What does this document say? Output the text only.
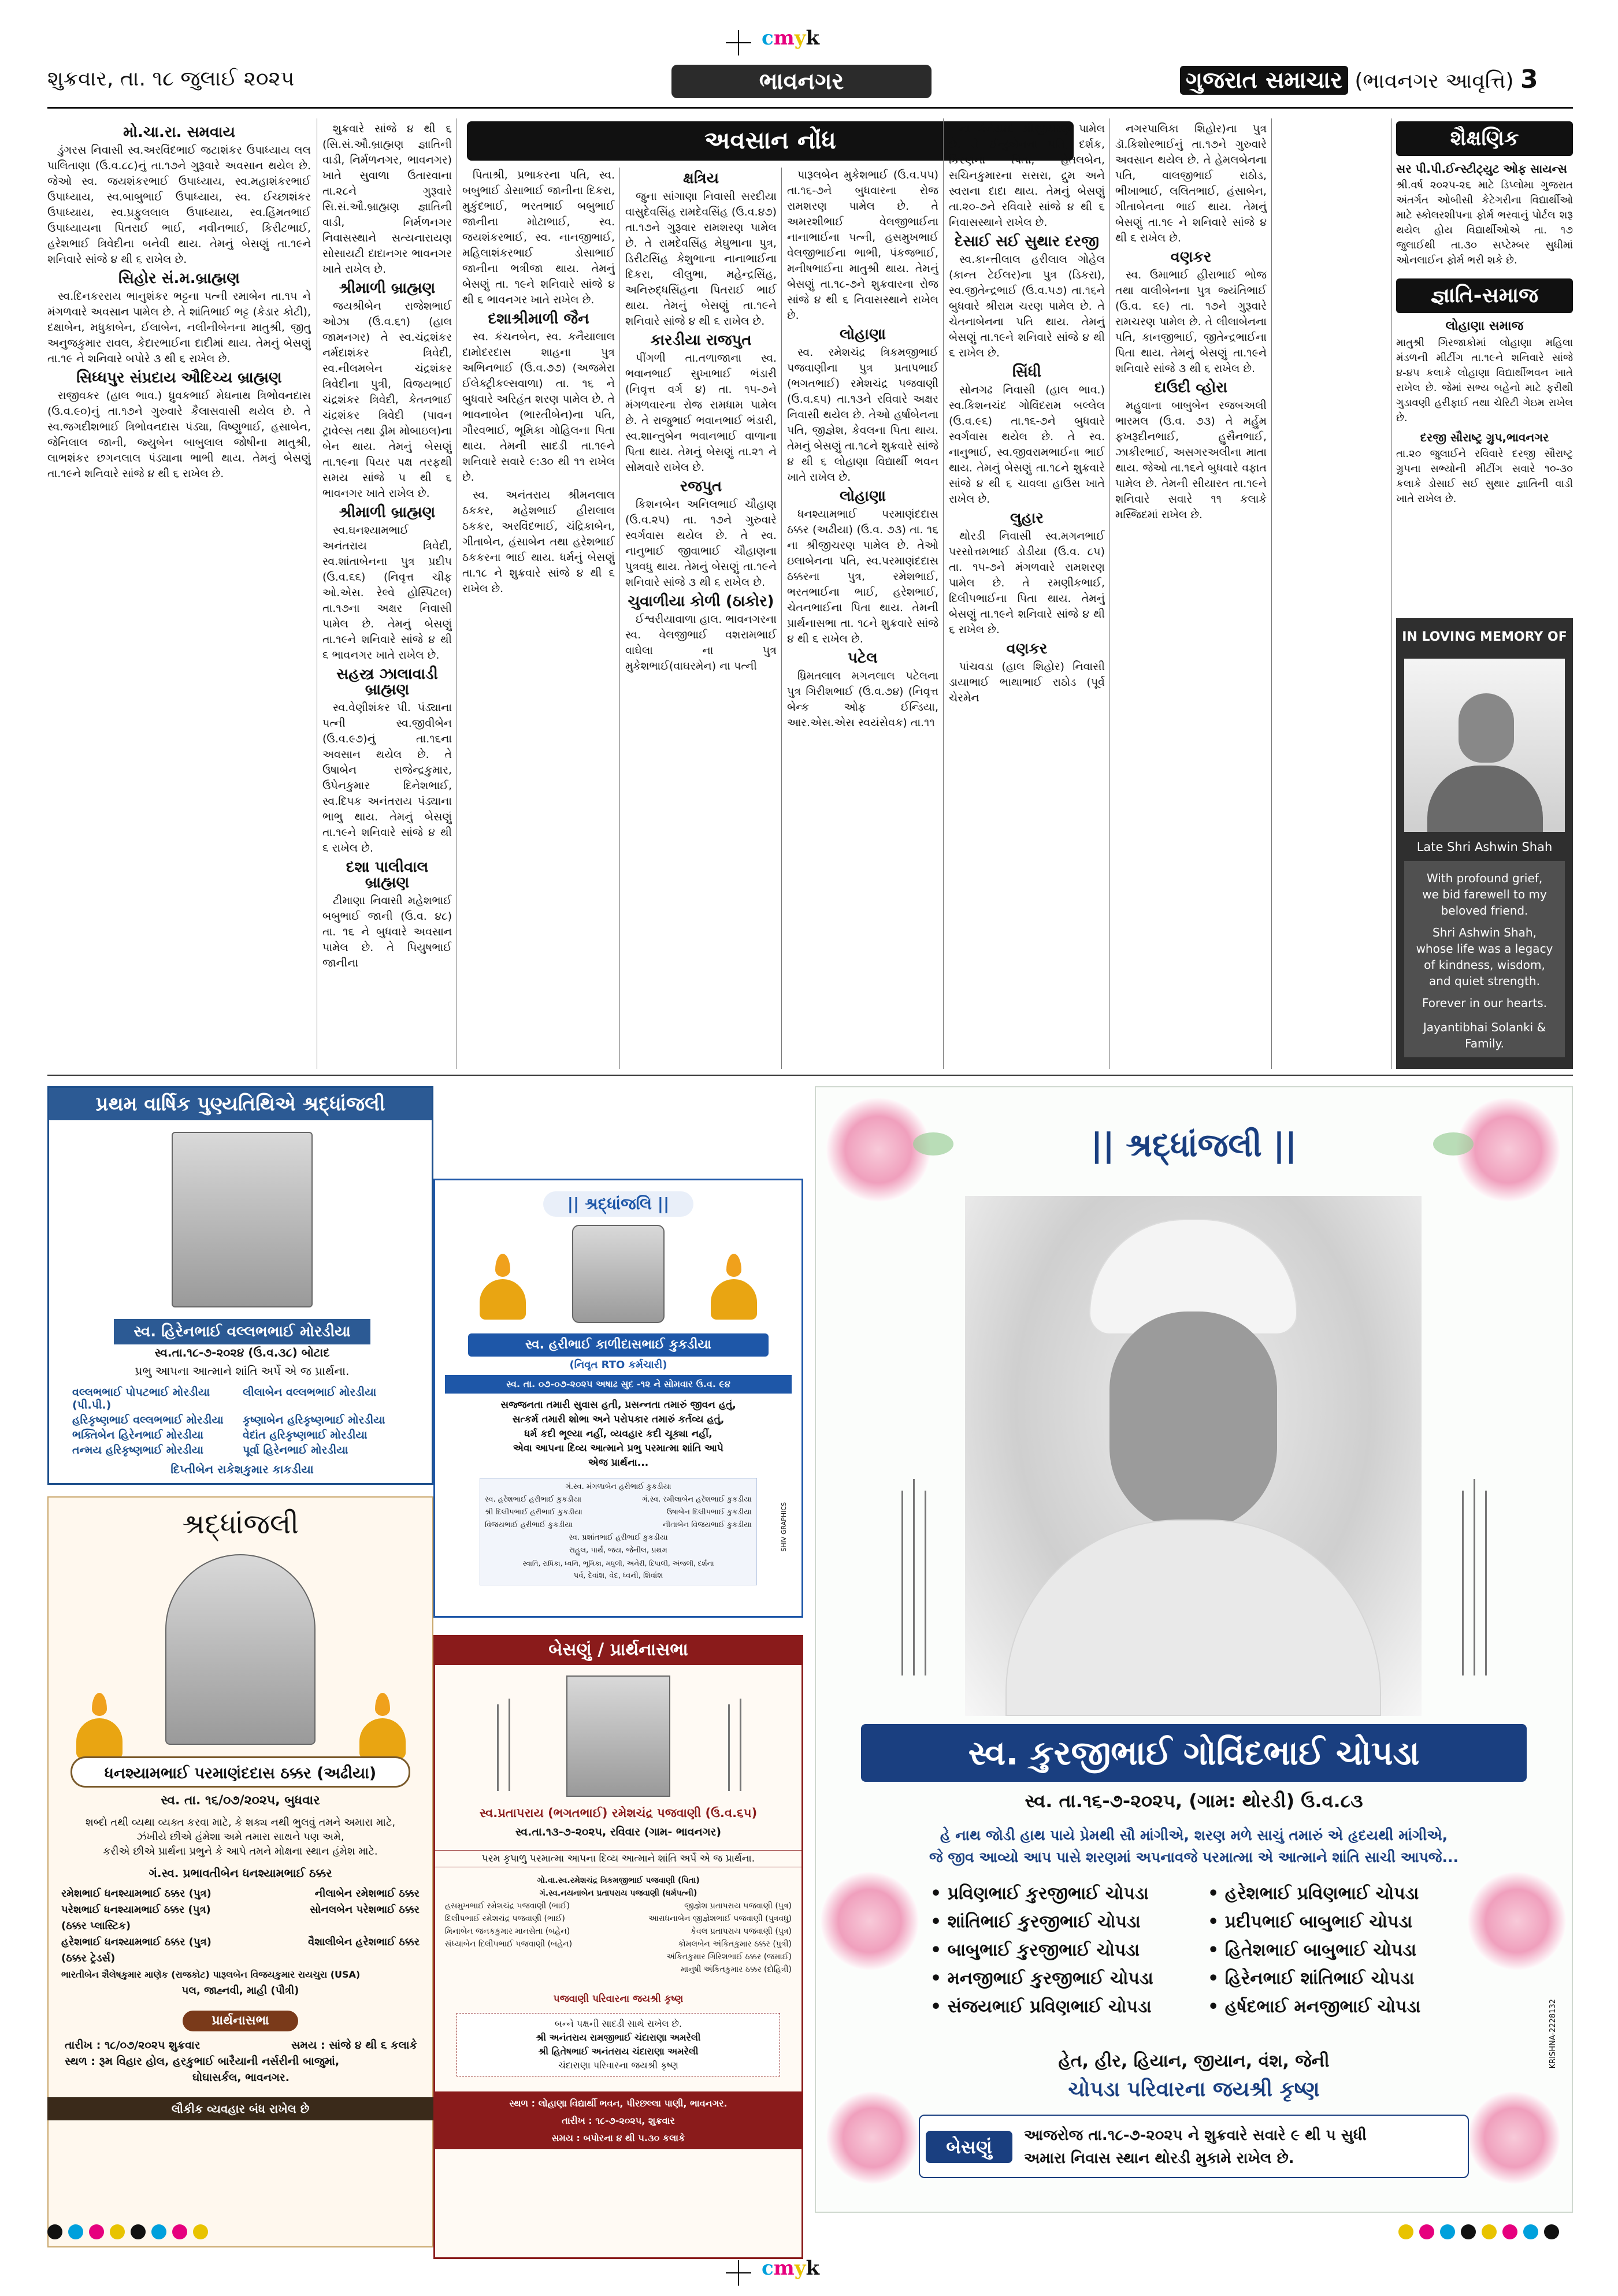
cmyk
શુક્રવાર, તા. ૧૮ જુલાઈ ૨૦૨૫	ભાવનગર	ગુજરાત સમાચાર (ભાવનગર આવૃત્તિ) 3
અવસાન નોંધ
મો.ચા.રા. સમવાય

ડુંગરસ નિવાસી સ્વ.અરવિંદભાઈ જટાશંકર ઉપાધ્યાય લલ પાલિતાણા (ઉ.વ.૮૮)નું તા.૧૭ને ગુરૂવારે અવસાન થયેલ છે. જેઓ સ્વ. જયશંકરભાઈ ઉપાધ્યાય, સ્વ.મહાશંકરભાઈ ઉપાધ્યાય, સ્વ.બાબુભાઈ ઉપાધ્યાય, સ્વ. ઈચ્છાશંકર ઉપાધ્યાય, સ્વ.પ્રફુલલાલ ઉપાધ્યાય, સ્વ.હિંમતભાઈ ઉપાધ્યાયના પિતરાઈ ભાઈ, નવીનભાઈ, કિરીટભાઈ, હરેશભાઈ ત્રિવેદીના બનેવી થાય. તેમનું બેસણું તા.૧૯ને શનિવારે સાંજે ૪ થી ૬ રાખેલ છે.

સિહોર સં.મ.બ્રાહ્મણ

સ્વ.દિનકરરાય ભાનુશંકર ભટ્ટના પત્ની રમાબેન તા.૧૫ ને મંગળવારે અવસાન પામેલ છે. તે શાંતિભાઈ ભટ્ટ (કેડાર કોટી), દક્ષાબેન, મધુકાબેન, ઈલાબેન, નલીનીબેનના માતુશ્રી, જીતુ અનુજકુમાર રાવલ, કેદારભાઈના દાદીમાં થાય. તેમનું બેસણું તા.૧૯ ને શનિવારે બપોરે ૩ થી ૬ રાખેલ છે.

સિધ્ધપુર સંપ્રદાય ઔદિચ્ય બ્રાહ્મણ

રાજીવકર (હાલ ભાવ.) ધ્રુવકભાઈ મેઘનાથ ત્રિભોવનદાસ (ઉ.વ.૯૦)નું તા.૧૭ને ગુરુવારે કૈલાસવાસી થયેલ છે. તે સ્વ.જગદીશભાઈ ત્રિભોવનદાસ પંડ્યા, વિષ્ણુભાઈ, હસાબેન, જેનિલાલ જાની, જ્યુબેન બાબુલાલ જોષીના માતુશ્રી, લાભશંકર છગનલાલ પંડ્યાના ભાભી થાય. તેમનું બેસણું તા.૧૯ને શનિવારે સાંજે ૪ થી ૬ રાખેલ છે.

શુક્રવારે સાંજે ૪ થી ૬ (સિ.સં.ઔ.બ્રાહ્મણ જ્ઞાતિની વાડી, નિર્મળનગર, ભાવનગર) ખાતે સુવાળા ઉતારવાના તા.૨૮ને ગુરૂવારે સિ.સં.ઔ.બ્રાહ્મણ જ્ઞાતિની વાડી, નિર્મળનગર નિવાસસ્થાને સત્યનારાયણ સોસાયટી દાદાનગર ભાવનગર ખાતે રાખેલ છે.

શ્રીમાળી બ્રાહ્મણ

જયશ્રીબેન રાજેશભાઈ ઓઝા (ઉ.વ.૬૧) (હાલ જામનગર) તે સ્વ.ચંદ્રશંકર નર્મદાશંકર ત્રિવેદી, સ્વ.નીલમબેન ચંદ્રશંકર ત્રિવેદીના પુત્રી, વિજયભાઈ ચંદ્રશંકર ત્રિવેદી, કેતનભાઈ ચંદ્રશંકર ત્રિવેદી (પાવન ટ્રાવેલ્સ તથા ડ્રીમ મોબાઇલ)ના બેન થાય. તેમનું બેસણું તા.૧૯ના પિયર પક્ષ તરફથી સમય સાંજે ૫ થી ૬ ભાવનગર ખાતે રાખેલ છે.

શ્રીમાળી બ્રાહ્મણ

સ્વ.ઘનશ્યામભાઈ અનંતરાય ત્રિવેદી, સ્વ.શાંતાબેનના પુત્ર પ્રદીપ (ઉ.વ.૬૬) (નિવૃત્ત ચીફ ઓ.એસ. રેલ્વે હોસ્પિટલ) તા.૧૭ના અક્ષર નિવાસી પામેલ છે. તેમનું બેસણું તા.૧૯ને શનિવારે સાંજે ૪ થી ૬ ભાવનગર ખાતે રાખેલ છે.

સહસ્ત્ર ઝાલાવાડી બ્રાહ્મણ

સ્વ.વેણીશંકર પી. પંડ્યાના પત્ની સ્વ.જીવીબેન (ઉ.વ.૯૭)નું તા.૧૬ના અવસાન થયેલ છે. તે ઉષાબેન રાજેન્દ્રકુમાર, ઉપેનકુમાર દિનેશભાઈ, સ્વ.દિપક અનંતરાય પંડ્યાના ભાભુ થાય. તેમનું બેસણું તા.૧૯ને શનિવારે સાંજે ૪ થી ૬ રાખેલ છે.

દશા પાલીવાલ બ્રાહ્મણ

ટીમાણા નિવાસી મહેશભાઈ બબુભાઈ જાની (ઉ.વ. ૪૮) તા. ૧૬ ને બુધવારે અવસાન પામેલ છે. તે પિયુષભાઈ જાનીના

પિતાશ્રી, પ્રભાકરના પતિ, સ્વ. બબુભાઈ ડોસાભાઈ જાનીના દિકરા, મુકુંદભાઈ, ભરતભાઈ બબુભાઈ જાનીના મોટાભાઈ, સ્વ. જયશંકરભાઈ, સ્વ. નાનજીભાઈ, મહિલાશંકરભાઈ ડોસાભાઈ જાનીના ભત્રીજા થાય. તેમનું બેસણું તા. ૧૯ને શનિવારે સાંજે ૪ થી ૬ ભાવનગર ખાતે રાખેલ છે.

દશાશ્રીમાળી જૈન

સ્વ. કંચનબેન, સ્વ. કનૈયાલાલ દામોદરદાસ શાહના પુત્ર અભિનભાઈ (ઉ.વ.૭૭) (અજમેરા ઈલેક્ટ્રીકલ્સવાળા) તા. ૧૬ ને બુધવારે અરિહંત શરણ પામેલ છે. તે ભાવનાબેન (ભારતીબેન)ના પતિ, ગૌરવભાઈ, ભૂમિકા ગોહિલના પિતા થાય. તેમની સાદડી તા.૧૯ને શનિવારે સવારે ૯:૩૦ થી ૧૧ રાખેલ છે.

સ્વ. અનંતરાય શ્રીમનલાલ ઠકકર, મહેશભાઈ હીરાલાલ ઠકકર, અરવિંદભાઈ, ચંદ્રિકાબેન, ગીતાબેન, હંસાબેન તથા હરેશભાઈ ઠકકરના ભાઈ થાય. ધર્મનું બેસણું તા.૧૮ ને શુક્રવારે સાંજે ૪ થી ૬ રાખેલ છે.

ક્ષત્રિય

જુના સાંગાણા નિવાસી સરદીયા વાસુદેવસિંહ રામદેવસિંહ (ઉ.વ.૪૭) તા.૧૭ને ગુરૂવાર રામશરણ પામેલ છે. તે રામદેવસિંહ મેઘુભાના પુત્ર, ડિરીટસિંહ કેશુભાના નાનાભાઈના દિકરા, લીલુભા, મહેન્દ્રસિંહ, અનિરુદ્ધસિંહના પિતરાઈ ભાઈ થાય. તેમનું બેસણું તા.૧૯ને શનિવારે સાંજે ૪ થી ૬ રાખેલ છે.

કારડીયા રાજપુત

પીંગળી તા.તળાજાના સ્વ. ભવાનભાઈ સુખાભાઈ ભંડારી (નિવૃત્ત વર્ગ ૪) તા. ૧૫-૭ને મંગળવારના રોજ રામધામ પામેલ છે. તે રાજુભાઈ ભવાનભાઈ ભંડારી, સ્વ.શાન્તુબેન ભવાનભાઈ વાળાના પિતા થાય. તેમનું બેસણું તા.૨૧ ને સોમવારે રાખેલ છે.

રજપુત

કિશનબેન અનિલભાઈ ચૌહાણ (ઉ.વ.૨૫) તા. ૧૭ને ગુરુવારે સ્વર્ગવાસ થયેલ છે. તે સ્વ. નાનુભાઈ જીવાભાઈ ચૌહાણના પુત્રવધુ થાય. તેમનું બેસણું તા.૧૯ને શનિવારે સાંજે ૩ થી ૬ રાખેલ છે.

ચુવાળીયા કોળી (ઠાકોર)

ઈશ્વરીયાવાળા હાલ. ભાવનગરના સ્વ. વેલજીભાઈ વશરામભાઈ વાઘેલા ના પુત્ર મુકેશભાઈ(વાઘરમેન) ના પત્ની

પારૂલબેન મુકેશભાઈ (ઉ.વ.૫૫) તા.૧૬-૭ને બુધવારના રોજ રામશરણ પામેલ છે. તે અમરશીભાઈ વેલજીભાઈના નાનાભાઈના પત્ની, હસમુખભાઈ વેલજીભાઈના ભાભી, પંકજભાઈ, મનીષભાઈના માતુશ્રી થાય. તેમનું બેસણું તા.૧૮-૭ને શુક્રવારના રોજ સાંજે ૪ થી ૬ નિવાસસ્થાને રાખેલ છે.

લોહાણા

સ્વ. રમેશચંદ્ર ત્રિકમજીભાઈ પજવાણીના પુત્ર પ્રતાપભાઈ (ભગતભાઈ) રમેશચંદ્ર પજવાણી (ઉ.વ.૬૫) તા.૧૩ને રવિવારે અક્ષર નિવાસી થયેલ છે. તેઓ હર્ષાબેનના પતિ, જીજ્ઞેશ, કેવલના પિતા થાય. તેમનું બેસણું તા.૧૮ને શુક્રવારે સાંજે ૪ થી ૬ લોહાણા વિદ્યાર્થી ભવન ખાતે રાખેલ છે.

લોહાણા

ધનશ્યામભાઈ પરમાણંદદાસ ઠક્કર (અઢીયા) (ઉ.વ. ૭૩) તા. ૧૬ ના શ્રીજીચરણ પામેલ છે. તેઓ ઇલાબેનના પતિ, સ્વ.પરમાણંદદાસ ઠક્કરના પુત્ર, રમેશભાઈ, ભરતભાઈના ભાઈ, હરેશભાઈ, ચેતનભાઈના પિતા થાય. તેમની પ્રાર્થનાસભા તા. ૧૮ને શુક્રવારે સાંજે ૪ થી ૬ રાખેલ છે.

પટેલ

ધ્રિમતલાલ મગનલાલ પટેલના પુત્ર ગિરીશભાઈ (ઉ.વ.૭૪) (નિવૃત્ત બેન્ક ઓફ ઈન્ડિયા, આર.એસ.એસ સ્વયંસેવક) તા.૧૧

ના કેનેડામાં શ્રીજીચરણ પામેલ છે. તે ઈન્દુબેનના પતિ, દર્શક, કિરણના પિતા, હેતલબેન, સચિનકુમારના સસરા, દ્રુમ અને સ્વરાના દાદા થાય. તેમનું બેસણું તા.૨૦-૭ને રવિવારે સાંજે ૪ થી ૬ નિવાસસ્થાને રાખેલ છે.

દેસાઈ સઈ સુથાર દરજી

સ્વ.કાન્તીલાલ હરીલાલ ગોહેલ (કાન્ત ટેઈલર)ના પુત્ર (ડિકરા), સ્વ.જીતેન્દ્રભાઈ (ઉ.વ.૫૭) તા.૧૬ને બુધવારે શ્રીરામ ચરણ પામેલ છે. તે ચેતનાબેનના પતિ થાય. તેમનું બેસણું તા.૧૯ને શનિવારે સાંજે ૪ થી ૬ રાખેલ છે.

સિંધી

સોનગઢ નિવાસી (હાલ ભાવ.) સ્વ.કિશનચંદ ગોવિંદરામ બલ્લેલ (ઉ.વ.૯૬) તા.૧૬-૭ને બુધવારે સ્વર્ગવાસ થયેલ છે. તે સ્વ. નાનુભાઈ, સ્વ.જીવરામભાઈના ભાઈ થાય. તેમનું બેસણું તા.૧૮ને શુક્રવારે સાંજે ૪ થી ૬ ચાવલા હાઉસ ખાતે રાખેલ છે.

લુહાર

થોરડી નિવાસી સ્વ.મગનભાઈ પરસોત્તમભાઈ ડોડીયા (ઉ.વ. ૮૫) તા. ૧૫-૭ને મંગળવારે રામશરણ પામેલ છે. તે રમણીકભાઈ, દિલીપભાઈના પિતા થાય. તેમનું બેસણું તા.૧૯ને શનિવારે સાંજે ૪ થી ૬ રાખેલ છે.

વણકર

પાંચવડા (હાલ શિહોર) નિવાસી ડાયાભાઈ ભાથાભાઈ રાઠોડ (પૂર્વ ચેરમેન

નગરપાલિકા શિહોર)ના પુત્ર ડૉ.કિશોરભાઈનું તા.૧૭ને ગુરુવારે અવસાન થયેલ છે. તે હેમલબેનના પતિ, વાલજીભાઈ રાઠોડ, ભીખાભાઈ, લલિતભાઈ, હંસાબેન, ગીતાબેનના ભાઈ થાય. તેમનું બેસણું તા.૧૯ ને શનિવારે સાંજે ૪ થી ૬ રાખેલ છે.

વણકર

સ્વ. ઉમાભાઈ હીરાભાઈ ભોજ તથા વાલીબેનના પુત્ર જ્યંતિભાઈ (ઉ.વ. ૬૯) તા. ૧૭ને ગુરૂવારે રામચરણ પામેલ છે. તે લીલાબેનના પતિ, કાનજીભાઈ, જીતેન્દ્રભાઈના પિતા થાય. તેમનું બેસણું તા.૧૯ને શનિવારે સાંજે ૩ થી ૬ રાખેલ છે.

દાઉદી વ્હોરા

મહુવાના બાબુબેન રજબઅલી ભારમલ (ઉ.વ. ૭૩) તે મર્હુમ ફખરૂદીનભાઈ, હુસૈનભાઈ, ઝાકીરભાઈ, અસગરઅલીના માતા થાય. જેઓ તા.૧૬ને બુધવારે વફાત પામેલ છે. તેમની સીયારત તા.૧૯ને શનિવારે સવારે ૧૧ કલાકે મસ્જિદમાં રાખેલ છે.

શૈક્ષણિક
સર પી.પી.ઈન્સ્ટીટ્યુટ ઓફ સાયન્સ
શ્રી.વર્ષ ૨૦૨૫-૨૬ માટે ડિપ્લોમા ગુજરાત અંતર્ગત ઓબીસી કેટેગરીના વિદ્યાર્થીઓ માટે સ્કોલરશીપના ફોર્મ ભરવાનું પોર્ટલ શરૂ થયેલ હોય વિદ્યાર્થીઓએ તા. ૧૭ જુલાઈથી તા.૩૦ સપ્ટેમ્બર સુધીમાં ઓનલાઈન ફોર્મ ભરી શકે છે.
જ્ઞાતિ-સમાજ
લોહાણા સમાજ
માતુશ્રી ગિરજાકોમાં લોહાણા મહિલા મંડળની મીટીંગ તા.૧૯ને શનિવારે સાંજે ૪-૪૫ કલાકે લોહાણા વિદ્યાર્થીભવન ખાતે રાખેલ છે. જેમાં સભ્ય બહેનો માટે ફરીથી ગુડાવણી હરીફાઈ તથા ચેરિટી ગેઇમ રાખેલ છે.
દરજી સૌરાષ્ટ્ર ગ્રુપ,ભાવનગર
તા.૨૦ જુલાઈને રવિવારે દરજી સૌરાષ્ટ્ર ગ્રુપના સભ્યોની મીટીંગ સવારે ૧૦-૩૦ કલાકે ડોસાઈ સઈ સુથાર જ્ઞાતિની વાડી ખાતે રાખેલ છે.
IN LOVING MEMORY OF
Late Shri Ashwin Shah
With profound grief,
we bid farewell to my
beloved friend.
Shri Ashwin Shah,
whose life was a legacy
of kindness, wisdom,
and quiet strength.
Forever in our hearts.
Jayantibhai Solanki &
Family.
પ્રથમ વાર્ષિક પુણ્યતિથિએ શ્રદ્ધાંજલી
સ્વ. હિરેનભાઈ વલ્લભભાઈ મોરડીયા
સ્વ.તા.૧૮-૭-૨૦૨૪ (ઉ.વ.૩૮) બોટાદ
પ્રભુ આપના આત્માને શાંતિ અર્પે એ જ પ્રાર્થના.
વલ્લભભાઈ પોપટભાઈ મોરડીયા (પી.પી.)
લીલાબેન વલ્લભભાઈ મોરડીયા
હરિકૃષ્ણભાઈ વલ્લભભાઈ મોરડીયા	કૃષ્ણાબેન હરિકૃષ્ણભાઈ મોરડીયા
ભક્તિબેન હિરેનભાઈ મોરડીયા	વેદાંત હરિકૃષ્ણભાઈ મોરડીયા
તન્મય હરિકૃષ્ણભાઈ મોરડીયા	પૂર્વા હિરેનભાઈ મોરડીયા
દિપ્તીબેન રાકેશકુમાર કાકડીયા
શ્રદ્ધાંજલી
ધનશ્યામભાઈ પરમાણંદદાસ ઠક્કર (અઢીયા)
સ્વ. તા. ૧૬/૦૭/૨૦૨૫, બુધવાર
શબ્દો તથી વ્યથા વ્યક્ત કરવા માટે, કે શક્ય નથી ભુલવું તમને અમારા માટે,
ઝંખીયે છીએ હંમેશા અમે તમારા સાથને પણ અમે,
કરીએ છીએ પ્રાર્થના પ્રભુને કે આપે તમને મોક્ષના સ્થાન હંમેશ માટે.
ગં.સ્વ. પ્રભાવતીબેન ધનશ્યામભાઈ ઠક્કર
રમેશભાઈ ધનશ્યામભાઈ ઠક્કર (પુત્ર)	નીલાબેન રમેશભાઈ ઠક્કર
પરેશભાઈ ધનશ્યામભાઈ ઠક્કર (પુત્ર)	સોનલબેન પરેશભાઈ ઠક્કર
(ઠક્કર પ્લાસ્ટિક)
હરેશભાઈ ધનશ્યામભાઈ ઠક્કર (પુત્ર)	વૈશાલીબેન હરેશભાઈ ઠક્કર
(ઠક્કર ટ્રેડર્સ)
ભારતીબેન શૈલેષકુમાર માણેક (રાજકોટ) પારૂલબેન વિજયકુમાર રાયચુરા (USA)
પલ, જાહ્નવી, માહી (પૌત્રી)
પ્રાર્થનાસભા
તારીખ : ૧૮/૦૭/૨૦૨૫ શુક્રવાર	સમય : સાંજે ૪ થી ૬ કલાકે
સ્થળ : રૂમ વિહાર હોલ, હરકુભાઈ બારૈયાની નર્સરીની બાજુમાં,
ઘોઘાસર્કલ, ભાવનગર.
લૌકીક વ્યવહાર બંધ રાખેલ છે
|| શ્રદ્ધાંજલિ ||
સ્વ. હરીભાઈ કાળીદાસભાઈ કુકડીયા
(નિવૃત RTO કર્મચારી)
સ્વ. તા. ૦૭-૦૭-૨૦૨૫ અષાઢ સુદ -૧૨ ને સોમવાર ઉ.વ. ૯૪
સજ્જનતા તમારી સુવાસ હતી, પ્રસન્નતા તમારું જીવન હતું,
સત્કર્મ તમારી શોભા અને પરોપકાર તમારું કર્તવ્ય હતું,
ધર્મ કદી ભૂલ્યા નહીં, વ્યવહાર કદી ચૂક્યા નહીં,
એવા આપના દિવ્ય આત્માને પ્રભુ પરમાત્મા શાંતિ આપે
એજ પ્રાર્થના...
ગં.સ્વ. મંગળાબેન હરીભાઈ કુકડીયા
સ્વ. હરેશભાઈ હરીભાઈ કુકડીયા	ગં.સ્વ. રમીલાબેન હરેશભાઈ કુકડીયા
શ્રી દિલીપભાઈ હરીભાઈ કુકડીયા	ઉષાબેન દિલીપભાઈ કુકડીયા
વિજયભાઈ હરીભાઈ કુકડીયા	નીતાબેન વિજયભાઈ કુકડીયા
સ્વ. પ્રશાંતભાઈ હરીભાઈ કુકડીયા
રાહુલ, પાર્થ, જય, જેનીલ, પ્રથમ
સ્વાતિ, રાધિકા, ધ્વનિ, ભૂમિકા, મધુલી, અનેરી, દિપાલી, અંજલી, દર્શના
પર્વ, દેવાંશ, વેદ, ધ્વની, શિવાંશ
SHIV GRAPHICS
બેસણું / પ્રાર્થનાસભા
સ્વ.પ્રતાપરાય (ભગતભાઈ) રમેશચંદ્ર પજવાણી (ઉ.વ.૬૫)
સ્વ.તા.૧૩-૭-૨૦૨૫, રવિવાર (ગામ- ભાવનગર)
પરમ કૃપાળુ પરમાત્મા આપના દિવ્ય આત્માને શાંતિ અર્પે એ જ પ્રાર્થના.
ગો.વા.સ્વ.રમેશચંદ્ર ત્રિકમજીભાઈ પજવાણી (પિતા)
ગં.સ્વ.નયનાબેન પ્રતાપરાય પજવાણી (ધર્મપત્ની)
હસમુખભાઈ રમેશચંદ્ર પજવાણી (ભાઈ)	જીજ્ઞેશ પ્રતાપરાય પજવાણી (પુત્ર)
દિલીપભાઈ રમેશચંદ્ર પજવાણી (ભાઈ)	આરાધનાબેન જીજ્ઞેશભાઈ પજવાણી (પુત્રવધુ)
મિનાબેન જનકકુમાર માનસેતા (બહેન)	કેવલ પ્રતાપરાય પજવાણી (પુત્ર)
સંધ્યાબેન દિલીપભાઈ પજવાણી (બહેન)	કોમલબેન અંકિતકુમાર ઠક્કર (પુત્રી)
અંકિતકુમાર ગિરિશભાઈ ઠક્કર (જમાઈ)
માનુષી અંકિતકુમાર ઠક્કર (દોહિત્રી)
પજવાણી પરિવારના જયશ્રી કૃષ્ણ
બન્ને પક્ષની સાદડી સાથે રાખેલ છે.
શ્રી અનંતરાય રામજીભાઈ ચંદારાણા અમરેલી
શ્રી હિતેષભાઈ અનંતરાય ચંદારાણા અમરેલી
ચંદારાણા પરિવારના જયશ્રી કૃષ્ણ
સ્થળ : લોહાણા વિદ્યાર્થી ભવન, પીરછલ્લા પાણી, ભાવનગર.
તારીખ : ૧૮-૭-૨૦૨૫, શુક્રવાર
સમય : બપોરના ૪ થી ૫.૩૦ કલાકે
|| શ્રદ્ધાંજલી ||
સ્વ. કુરજીભાઈ ગોવિંદભાઈ ચોપડા
સ્વ. તા.૧૬-૭-૨૦૨૫, (ગામ: થોરડી) ઉ.વ.૮૩
હે નાથ જોડી હાથ પાયે પ્રેમથી સૌ માંગીએ, શરણ મળે સાચું તમારું એ હૃદયથી માંગીએ,
જે જીવ આવ્યો આપ પાસે શરણમાં અપનાવજે પરમાત્મા એ આત્માને શાંતિ સાચી આપજે...
• પ્રવિણભાઈ કુરજીભાઈ ચોપડા	• હરેશભાઈ પ્રવિણભાઈ ચોપડા
• શાંતિભાઈ કુરજીભાઈ ચોપડા	• પ્રદીપભાઈ બાબુભાઈ ચોપડા
• બાબુભાઈ કુરજીભાઈ ચોપડા	• હિતેશભાઈ બાબુભાઈ ચોપડા
• મનજીભાઈ કુરજીભાઈ ચોપડા	• હિરેનભાઈ શાંતિભાઈ ચોપડા
• સંજયભાઈ પ્રવિણભાઈ ચોપડા	• હર્ષદભાઈ મનજીભાઈ ચોપડા
હેત, હીર, હિયાન, જીયાન, વંશ, જેની
ચોપડા પરિવારના જયશ્રી કૃષ્ણ
બેસણું
આજરોજ તા.૧૮-૭-૨૦૨૫ ને શુક્રવારે સવારે ૯ થી ૫ સુધી
અમારા નિવાસ સ્થાન થોરડી મુકામે રાખેલ છે.
KRISHNA-2228132
cmyk
